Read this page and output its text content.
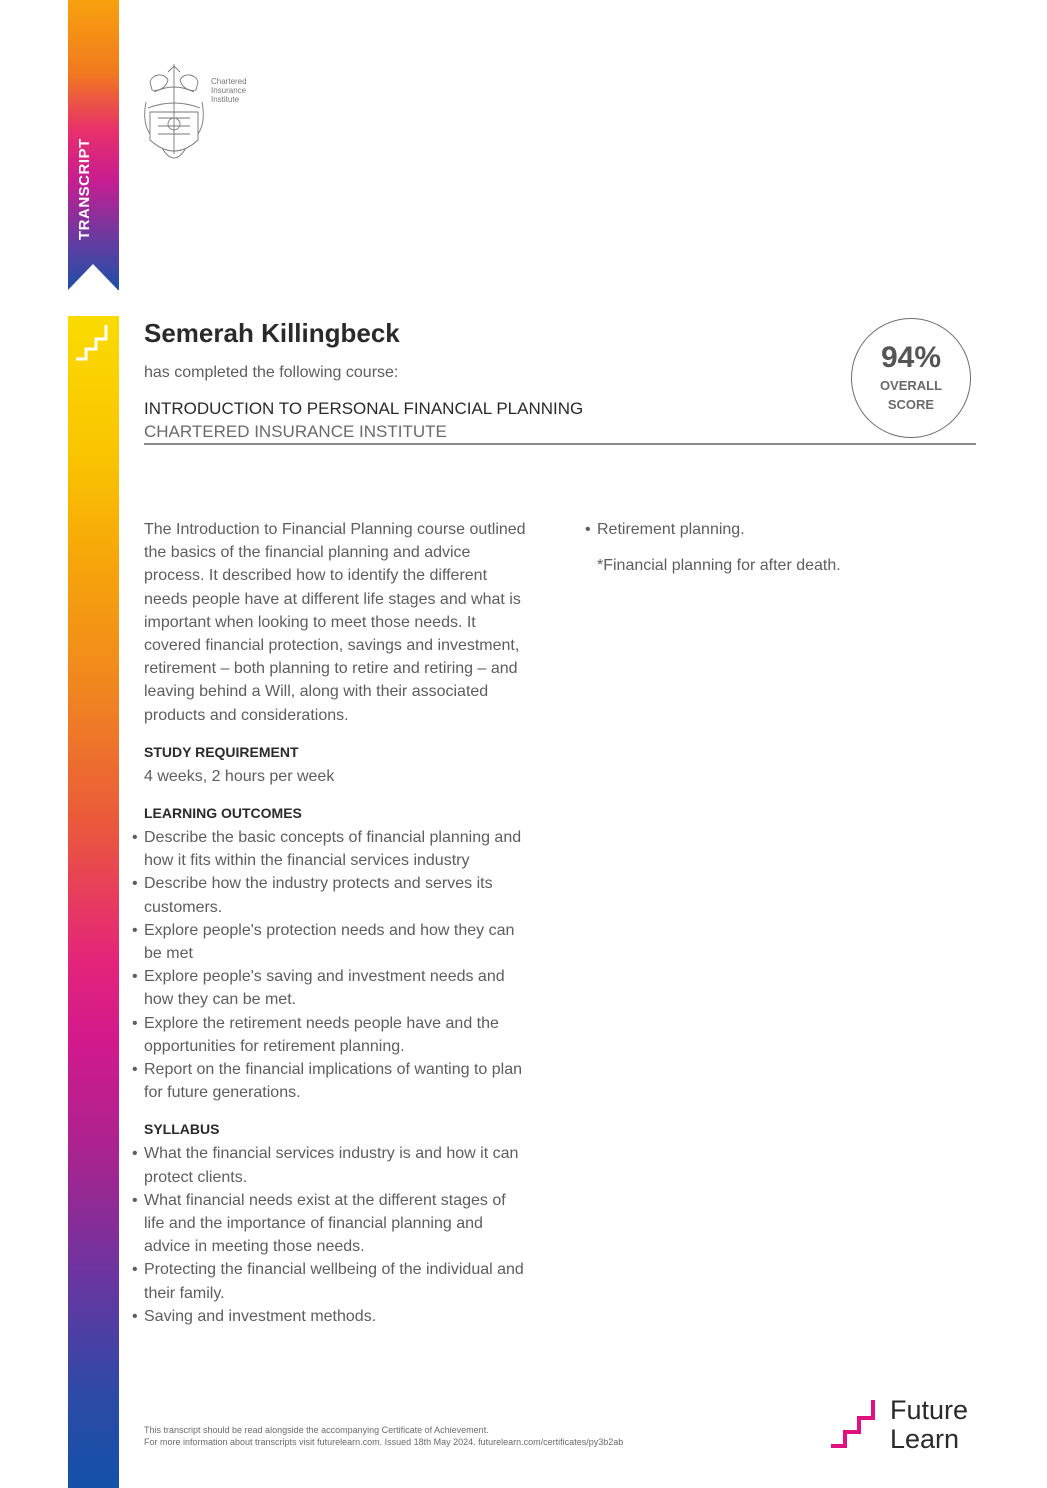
TRANSCRIPT
Chartered
Insurance
Institute
Semerah Killingbeck
has completed the following course:
INTRODUCTION TO PERSONAL FINANCIAL PLANNING
CHARTERED INSURANCE INSTITUTE
94%
OVERALL
SCORE

The Introduction to Financial Planning course outlined the basics of the financial planning and advice process. It described how to identify the different needs people have at different life stages and what is important when looking to meet those needs. It covered financial protection, savings and investment, retirement – both planning to retire and retiring – and leaving behind a Will, along with their associated products and considerations.

STUDY REQUIREMENT
4 weeks, 2 hours per week
LEARNING OUTCOMES
• Describe the basic concepts of financial planning and how it fits within the financial services industry
• Describe how the industry protects and serves its customers.
• Explore people's protection needs and how they can be met
• Explore people's saving and investment needs and how they can be met.
• Explore the retirement needs people have and the opportunities for retirement planning.
• Report on the financial implications of wanting to plan for future generations.
SYLLABUS
• What the financial services industry is and how it can protect clients.
• What financial needs exist at the different stages of life and the importance of financial planning and advice in meeting those needs.
• Protecting the financial wellbeing of the individual and their family.
• Saving and investment methods.
• Retirement planning.
*Financial planning for after death.
This transcript should be read alongside the accompanying Certificate of Achievement.
For more information about transcripts visit futurelearn.com. Issued 18th May 2024. futurelearn.com/certificates/py3b2ab
Future
Learn
